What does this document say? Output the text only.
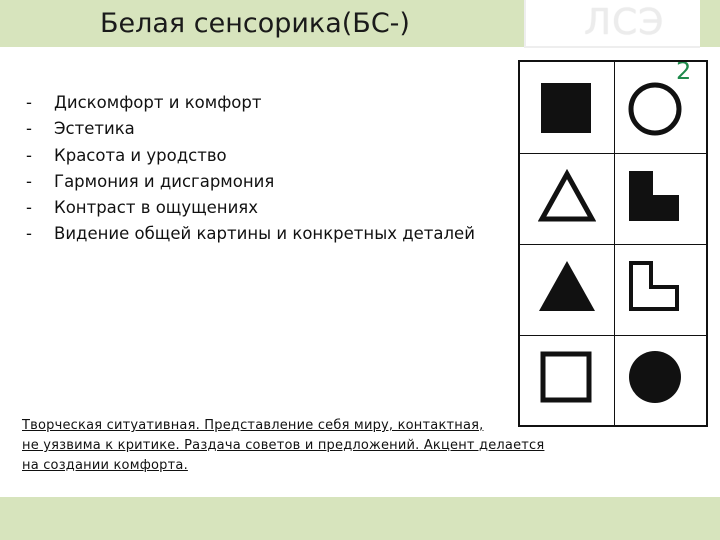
Белая сенсорика(БС-)	ЛСЭ
2
- Дискомфорт и комфорт
- Эстетика
- Красота и уродство
- Гармония и дисгармония
- Контраст в ощущениях
- Видение общей картины и конкретных деталей
Творческая ситуативная. Представление себя миру, контактная,
не уязвима к критике. Раздача советов и предложений. Акцент делается
на создании комфорта.
